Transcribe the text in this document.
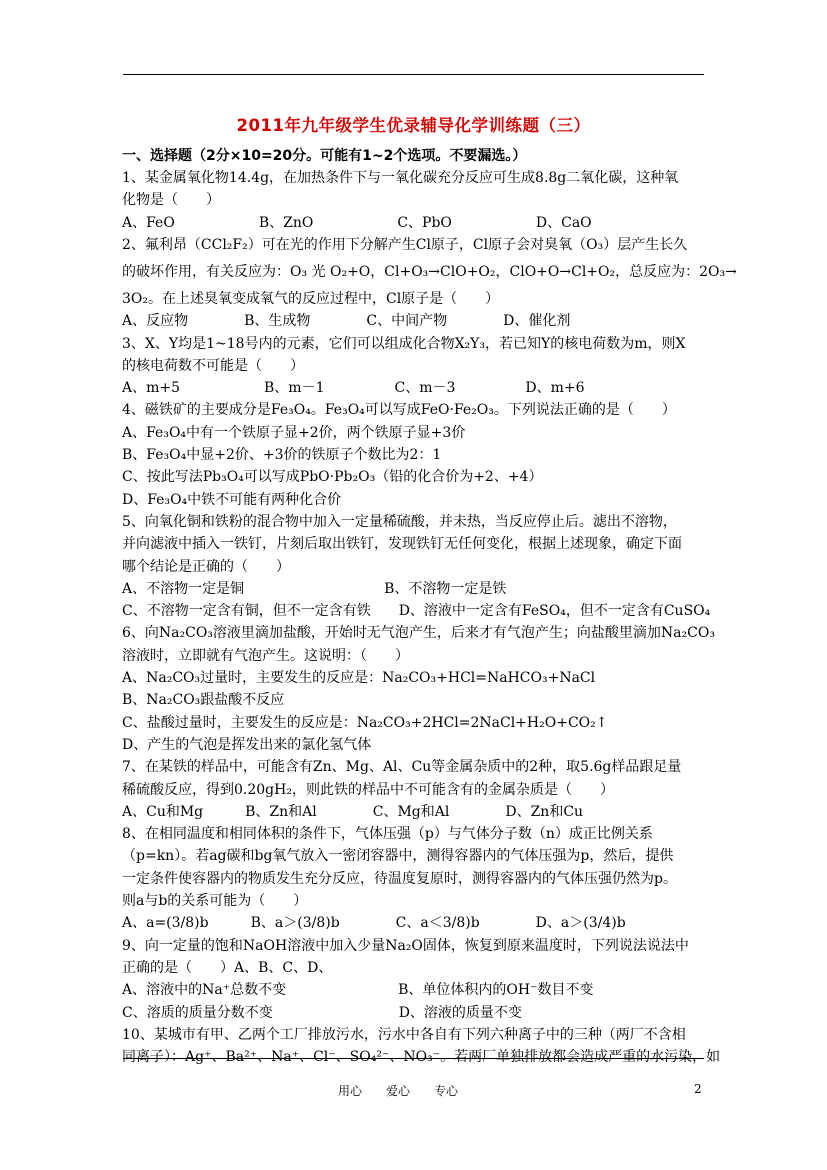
2011年九年级学生优录辅导化学训练题（三）
一、选择题（2分×10=20分。可能有1~2个选项。不要漏选。）
1、某金属氧化物14.4g，在加热条件下与一氧化碳充分反应可生成8.8g二氧化碳，这种氧
化物是（　　）
A、FeO　　　　　　B、ZnO　　　　　　C、PbO　　　　　　D、CaO
2、氟利昂（CCl₂F₂）可在光的作用下分解产生Cl原子，Cl原子会对臭氧（O₃）层产生长久
的破坏作用，有关反应为：O₃ 光 O₂+O，Cl+O₃→ClO+O₂，ClO+O→Cl+O₂，总反应为：2O₃→
3O₂。在上述臭氧变成氧气的反应过程中，Cl原子是（　　）
A、反应物　　　　B、生成物　　　　C、中间产物　　　　D、催化剂
3、X、Y均是1~18号内的元素，它们可以组成化合物X₂Y₃，若已知Y的核电荷数为m，则X
的核电荷数不可能是（　　）
A、m+5　　　　　　B、m－1　　　　　C、m－3　　　　　D、m+6
4、磁铁矿的主要成分是Fe₃O₄。Fe₃O₄可以写成FeO·Fe₂O₃。下列说法正确的是（　　）
A、Fe₃O₄中有一个铁原子显+2价，两个铁原子显+3价
B、Fe₃O₄中显+2价、+3价的铁原子个数比为2：1
C、按此写法Pb₃O₄可以写成PbO·Pb₂O₃（铅的化合价为+2、+4）
D、Fe₃O₄中铁不可能有两种化合价
5、向氧化铜和铁粉的混合物中加入一定量稀硫酸，并未热，当反应停止后。滤出不溶物，
并向滤液中插入一铁钉，片刻后取出铁钉，发现铁钉无任何变化，根据上述现象，确定下面
哪个结论是正确的（　　）
A、不溶物一定是铜　　　　　　　　　　B、不溶物一定是铁
C、不溶物一定含有铜，但不一定含有铁　　D、溶液中一定含有FeSO₄，但不一定含有CuSO₄
6、向Na₂CO₃溶液里滴加盐酸，开始时无气泡产生，后来才有气泡产生；向盐酸里滴加Na₂CO₃
溶液时，立即就有气泡产生。这说明：（　　）
A、Na₂CO₃过量时，主要发生的反应是：Na₂CO₃+HCl=NaHCO₃+NaCl
B、Na₂CO₃跟盐酸不反应
C、盐酸过量时，主要发生的反应是：Na₂CO₃+2HCl=2NaCl+H₂O+CO₂↑
D、产生的气泡是挥发出来的氯化氢气体
7、在某铁的样品中，可能含有Zn、Mg、Al、Cu等金属杂质中的2种，取5.6g样品跟足量
稀硫酸反应，得到0.20gH₂，则此铁的样品中不可能含有的金属杂质是（　　）
A、Cu和Mg　　　B、Zn和Al　　　　C、Mg和Al　　　　D、Zn和Cu
8、在相同温度和相同体积的条件下，气体压强（p）与气体分子数（n）成正比例关系
（p=kn）。若ag碳和bg氧气放入一密闭容器中，测得容器内的气体压强为p，然后，提供
一定条件使容器内的物质发生充分反应，待温度复原时，测得容器内的气体压强仍然为p。
则a与b的关系可能为（　　）
A、a=(3/8)b　　　B、a＞(3/8)b　　　　C、a＜3/8)b　　　　D、a＞(3/4)b
9、向一定量的饱和NaOH溶液中加入少量Na₂O固体，恢复到原来温度时，下列说法说法中
正确的是（　　）A、B、C、D、
A、溶液中的Na⁺总数不变　　　　　　　　B、单位体积内的OH⁻数目不变
C、溶质的质量分数不变　　　　　　　　　D、溶液的质量不变
10、某城市有甲、乙两个工厂排放污水，污水中各自有下列六种离子中的三种（两厂不含相
同离子）：Ag⁺、Ba²⁺、Na⁺、Cl⁻、SO₄²⁻、NO₃⁻。若两厂单独排放都会造成严重的水污染，如
用心　　爱心　　专心	2
